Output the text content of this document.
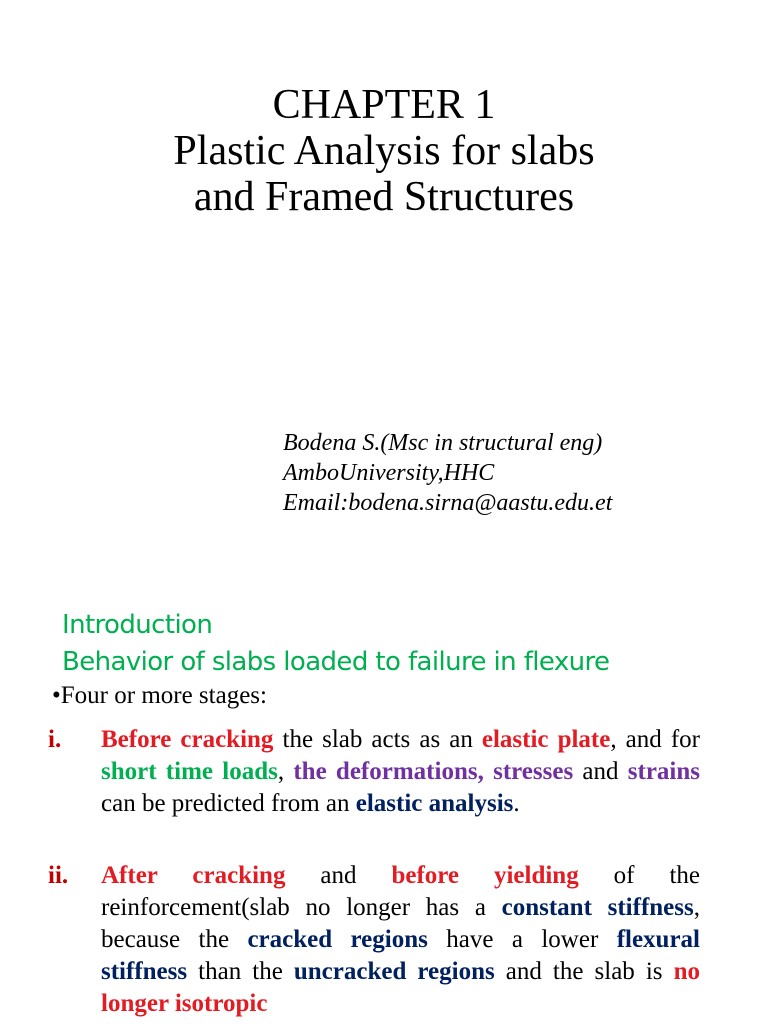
CHAPTER 1
Plastic Analysis for slabs
and Framed Structures
Bodena S.(Msc in structural eng)
AmboUniversity,HHC
Email:bodena.sirna@aastu.edu.et
Introduction
Behavior of slabs loaded to failure in flexure
•Four or more stages:
i. Before cracking the slab acts as an elastic plate, and for short time loads, the deformations, stresses and strains can be predicted from an elastic analysis.
ii. After cracking and before yielding of the reinforcement(slab no longer has a constant stiffness, because the cracked regions have a lower flexural stiffness than the uncracked regions and the slab is no longer isotropic
